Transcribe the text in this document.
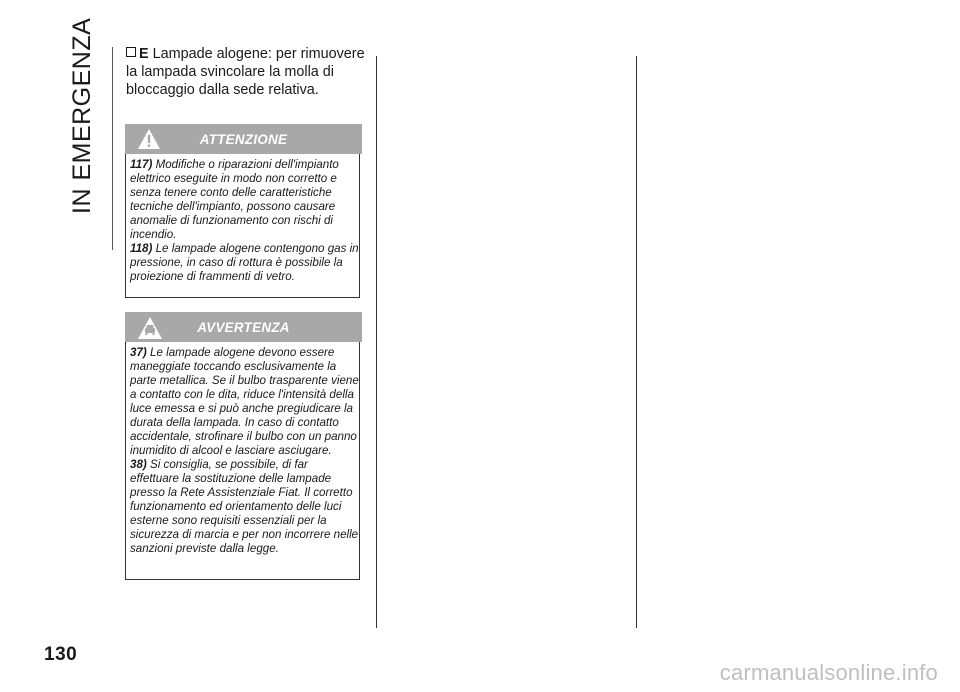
IN EMERGENZA	E Lampade alogene: per rimuovere la lampada svincolare la molla di bloccaggio dalla sede relativa.
ATTENZIONE

117) Modifiche o riparazioni dell'impianto elettrico eseguite in modo non corretto e senza tenere conto delle caratteristiche tecniche dell'impianto, possono causare anomalie di funzionamento con rischi di incendio.

118) Le lampade alogene contengono gas in pressione, in caso di rottura è possibile la proiezione di frammenti di vetro.

AVVERTENZA

37) Le lampade alogene devono essere maneggiate toccando esclusivamente la parte metallica. Se il bulbo trasparente viene a contatto con le dita, riduce l'intensità della luce emessa e si può anche pregiudicare la durata della lampada. In caso di contatto accidentale, strofinare il bulbo con un panno inumidito di alcool e lasciare asciugare.

38) Si consiglia, se possibile, di far effettuare la sostituzione delle lampade presso la Rete Assistenziale Fiat. Il corretto funzionamento ed orientamento delle luci esterne sono requisiti essenziali per la sicurezza di marcia e per non incorrere nelle sanzioni previste dalla legge.

130
carmanualsonline.info
